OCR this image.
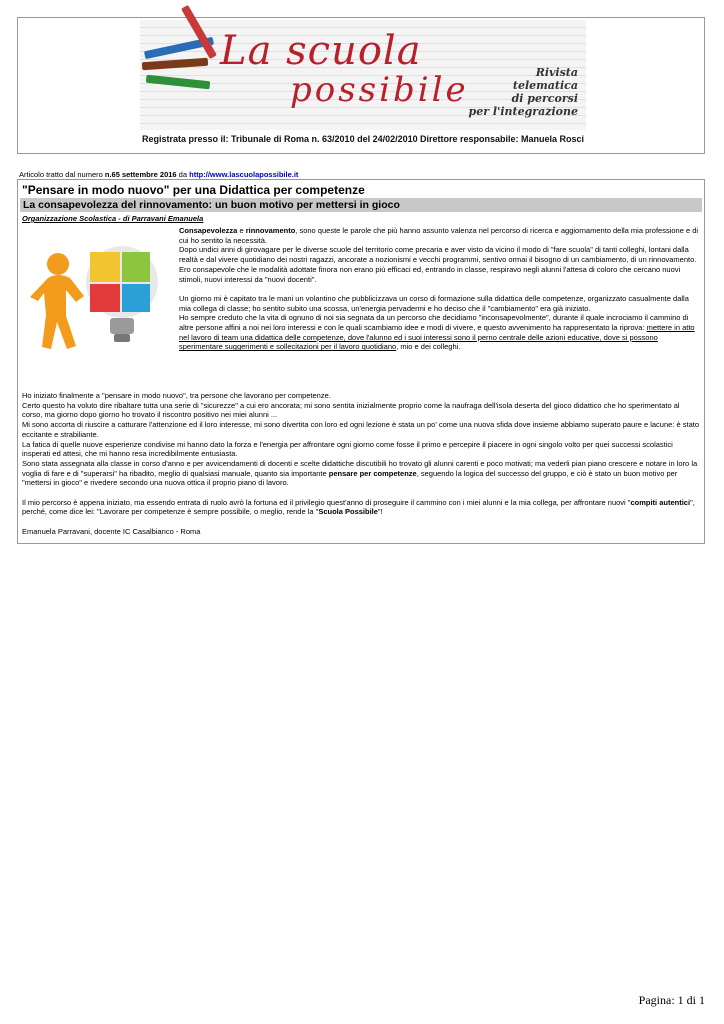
La scuola
possibile	Rivista
telematica
di percorsi
per l'integrazione
Registrata presso il: Tribunale di Roma n. 63/2010 del 24/02/2010 Direttore responsabile: Manuela Rosci
Articolo tratto dal numero n.65 settembre 2016 da http://www.lascuolapossibile.it
"Pensare in modo nuovo" per una Didattica per competenze
La consapevolezza del rinnovamento: un buon motivo per mettersi in gioco
Organizzazione Scolastica - di Parravani Emanuela

Consapevolezza e rinnovamento, sono queste le parole che più hanno assunto valenza nel percorso di ricerca e aggiornamento della mia professione e di cui ho sentito la necessità.

Dopo undici anni di girovagare per le diverse scuole del territorio come precaria e aver visto da vicino il modo di "fare scuola" di tanti colleghi, lontani dalla realtà e dal vivere quotidiano dei nostri ragazzi, ancorate a nozionismi e vecchi programmi, sentivo ormai il bisogno di un cambiamento, di un rinnovamento.

Ero consapevole che le modalità adottate finora non erano più efficaci ed, entrando in classe, respiravo negli alunni l'attesa di coloro che cercano nuovi stimoli, nuovi interessi da "nuovi docenti".

Un giorno mi è capitato tra le mani un volantino che pubblicizzava un corso di formazione sulla didattica delle competenze, organizzato casualmente dalla mia collega di classe; ho sentito subito una scossa, un'energia pervadermi e ho deciso che il "cambiamento" era già iniziato.

Ho sempre creduto che la vita di ognuno di noi sia segnata da un percorso che decidiamo "inconsapevolmente", durante il quale incrociamo il cammino di altre persone affini a noi nei loro interessi e con le quali scambiamo idee e modi di vivere, e questo avvenimento ha rappresentato la riprova: mettere in atto nel lavoro di team una didattica delle competenze, dove l'alunno ed i suoi interessi sono il perno centrale delle azioni educative, dove si possono sperimentare suggerimenti e sollecitazioni per il lavoro quotidiano, mio e dei colleghi.

Ho iniziato finalmente a "pensare in modo nuovo", tra persone che lavorano per competenze.

Certo questo ha voluto dire ribaltare tutta una serie di "sicurezze" a cui ero ancorata; mi sono sentita inizialmente proprio come la naufraga dell'isola deserta del gioco didattico che ho sperimentato al corso, ma giorno dopo giorno ho trovato il riscontro positivo nei miei alunni ...

Mi sono accorta di riuscire a catturare l'attenzione ed il loro interesse, mi sono divertita con loro ed ogni lezione è stata un po' come una nuova sfida dove insieme abbiamo superato paure e lacune: è stato eccitante e strabiliante.

La fatica di quelle nuove esperienze condivise mi hanno dato la forza e l'energia per affrontare ogni giorno come fosse il primo e percepire il piacere in ogni singolo volto per quei successi scolastici insperati ed attesi, che mi hanno resa incredibilmente entusiasta.

Sono stata assegnata alla classe in corso d'anno e per avvicendamenti di docenti e scelte didattiche discutibili ho trovato gli alunni carenti e poco motivati; ma vederli pian piano crescere e notare in loro la voglia di fare e di "superarsi" ha ribadito, meglio di qualsiasi manuale, quanto sia importante pensare per competenze, seguendo la logica del successo del gruppo, e ciò è stato un buon motivo per "mettersi in gioco" e rivedere secondo una nuova ottica il proprio piano di lavoro.

Il mio percorso è appena iniziato, ma essendo entrata di ruolo avrò la fortuna ed il privilegio quest'anno di proseguire il cammino con i miei alunni e la mia collega, per affrontare nuovi "compiti autentici", perché, come dice lei: "Lavorare per competenze è sempre possibile, o meglio, rende la "Scuola Possibile"!

Emanuela Parravani, docente IC Casalbianco - Roma

Pagina: 1 di 1
